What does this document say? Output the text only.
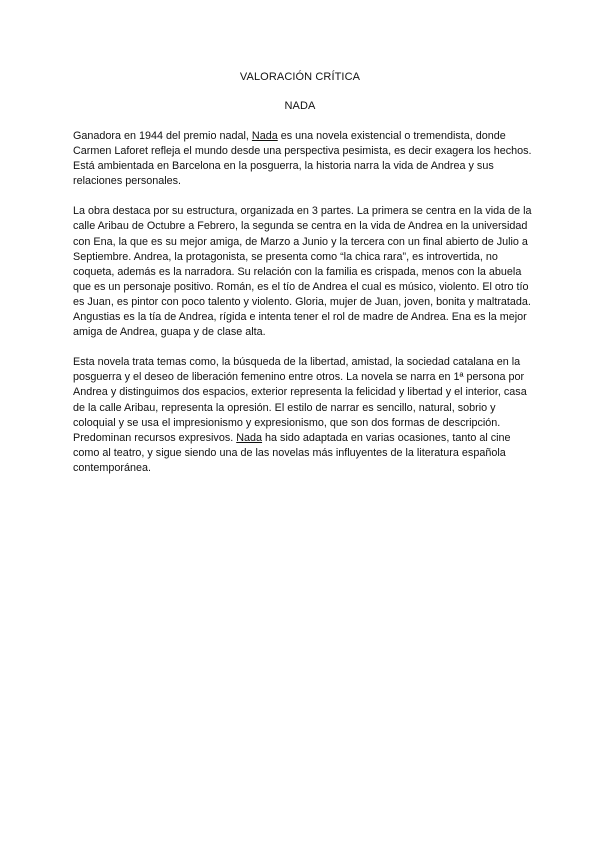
VALORACIÓN CRÍTICA
NADA

Ganadora en 1944 del premio nadal, Nada es una novela existencial o tremendista, donde Carmen Laforet refleja el mundo desde una perspectiva pesimista, es decir exagera los hechos. Está ambientada en Barcelona en la posguerra, la historia narra la vida de Andrea y sus relaciones personales.

La obra destaca por su estructura, organizada en 3 partes. La primera se centra en la vida de la calle Aribau de Octubre a Febrero, la segunda se centra en la vida de Andrea en la universidad con Ena, la que es su mejor amiga, de Marzo a Junio y la tercera con un final abierto de Julio a Septiembre. Andrea, la protagonista, se presenta como “la chica rara”, es introvertida, no coqueta, además es la narradora. Su relación con la familia es crispada, menos con la abuela que es un personaje positivo. Román, es el tío de Andrea el cual es músico, violento. El otro tío es Juan, es pintor con poco talento y violento. Gloria, mujer de Juan, joven, bonita y maltratada. Angustias es la tía de Andrea, rígida e intenta tener el rol de madre de Andrea. Ena es la mejor amiga de Andrea, guapa y de clase alta.

Esta novela trata temas como, la búsqueda de la libertad, amistad, la sociedad catalana en la posguerra y el deseo de liberación femenino entre otros. La novela se narra en 1ª persona por Andrea y distinguimos dos espacios, exterior representa la felicidad y libertad y el interior, casa de la calle Aribau, representa la opresión. El estilo de narrar es sencillo, natural, sobrio y coloquial y se usa el impresionismo y expresionismo, que son dos formas de descripción. Predominan recursos expresivos. Nada ha sido adaptada en varias ocasiones, tanto al cine como al teatro, y sigue siendo una de las novelas más influyentes de la literatura española contemporánea.
